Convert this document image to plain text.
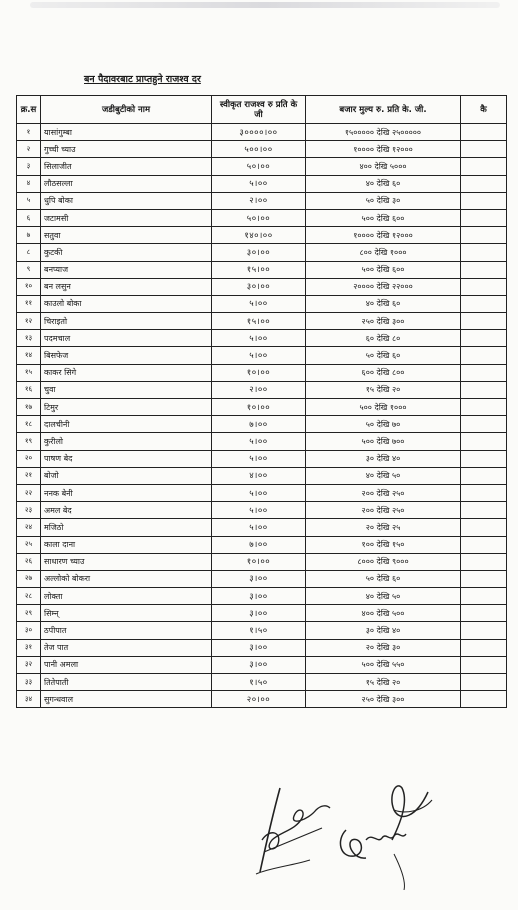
बन पैदावरबाट प्राप्तहुने राजश्व दर
क्र.स	जडीबुटीको नाम	स्वीकृत राजश्व रु प्रति के जी	बजार मुल्य रु. प्रति के. जी.	कै
१	यासांगुम्बा	३००००।००	१५००००० देखि २५०००००	
२	गुच्ची च्याउ	५००।००	१०००० देखि १२०००	
३	सिलाजीत	५०।००	४०० देखि ५०००	
४	लौठसल्ला	५।००	४० देखि ६०	
५	धुपि बोका	२।००	५० देखि ३०	
६	जटामसी	५०।००	५०० देखि ६००	
७	सतुवा	१४०।००	१०००० देखि १२०००	
८	कुटकी	३०।००	८०० देखि १०००	
९	बनप्याज	१५।००	५०० देखि ६००	
१०	बन लसुन	३०।००	२०००० देखि २२०००	
११	काउलो बोका	५।००	४० देखि ६०	
१२	चिराइतो	१५।००	२५० देखि ३००	
१३	पदमचाल	५।००	६० देखि ८०	
१४	बिसफेज	५।००	५० देखि ६०	
१५	काकर सिगे	१०।००	६०० देखि ८००	
१६	चुवा	२।००	१५ देखि २०	
१७	टिमुर	१०।००	५०० देखि १०००	
१८	दालचीनी	७।००	५० देखि ७०	
१९	कुरीलो	५।००	५०० देखि ७००	
२०	पाषण बेद	५।००	३० देखि ४०	
२१	बोजो	४।००	४० देखि ५०	
२२	ननक बेनी	५।००	२०० देखि २५०	
२३	अमल बेद	५।००	२०० देखि २५०	
२४	मजिठो	५।००	२० देखि २५	
२५	काला दाना	७।००	१०० देखि १५०	
२६	साधारण च्याउ	१०।००	८००० देखि ९०००	
२७	अल्लोको बोकरा	३।००	५० देखि ६०	
२८	लोक्ता	३।००	४० देखि ५०	
२९	सिम्न्	३।००	४०० देखि ५००	
३०	ठपीपात	१।५०	३० देखि ४०	
३१	तेज पात	३।००	२० देखि ३०	
३२	पानी अमला	३।००	५०० देखि ५५०	
३३	तितेपाती	१।५०	१५ देखि २०	
३४	सुगन्धवाल	२०।००	२५० देखि ३००	
